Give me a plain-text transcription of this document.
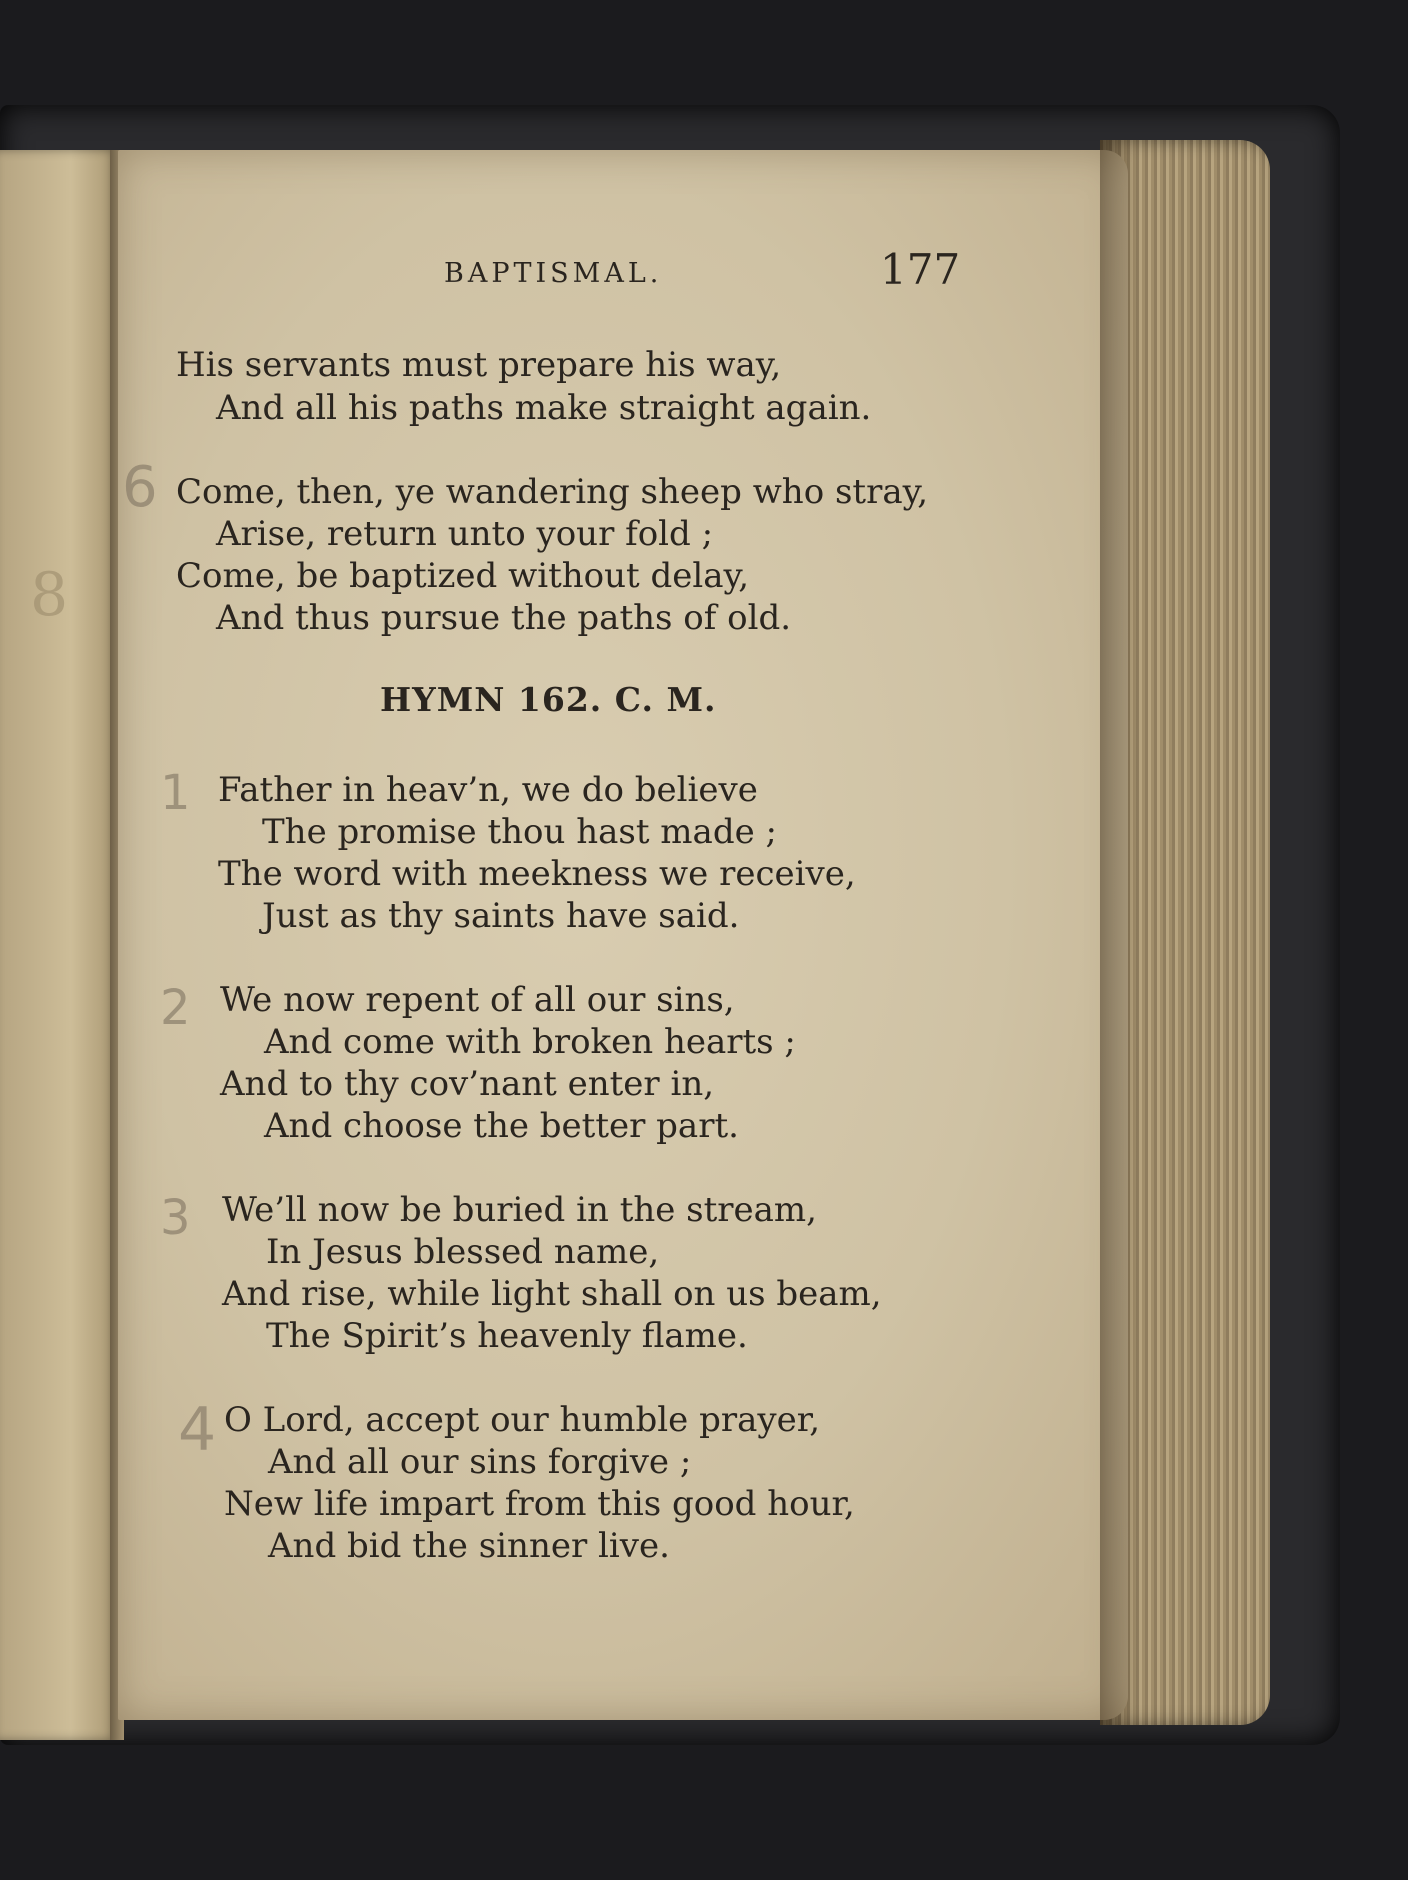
8
BAPTISMAL.	177
His servants must prepare his way,
And all his paths make straight again.
Come, then, ye wandering sheep who stray,
Arise, return unto your fold ;
Come, be baptized without delay,
And thus pursue the paths of old.
HYMN 162. C. M.
Father in heav’n, we do believe
The promise thou hast made ;
The word with meekness we receive,
Just as thy saints have said.
We now repent of all our sins,
And come with broken hearts ;
And to thy cov’nant enter in,
And choose the better part.
We’ll now be buried in the stream,
In Jesus blessed name,
And rise, while light shall on us beam,
The Spirit’s heavenly flame.
O Lord, accept our humble prayer,
And all our sins forgive ;
New life impart from this good hour,
And bid the sinner live.
6
1
2
3
4
